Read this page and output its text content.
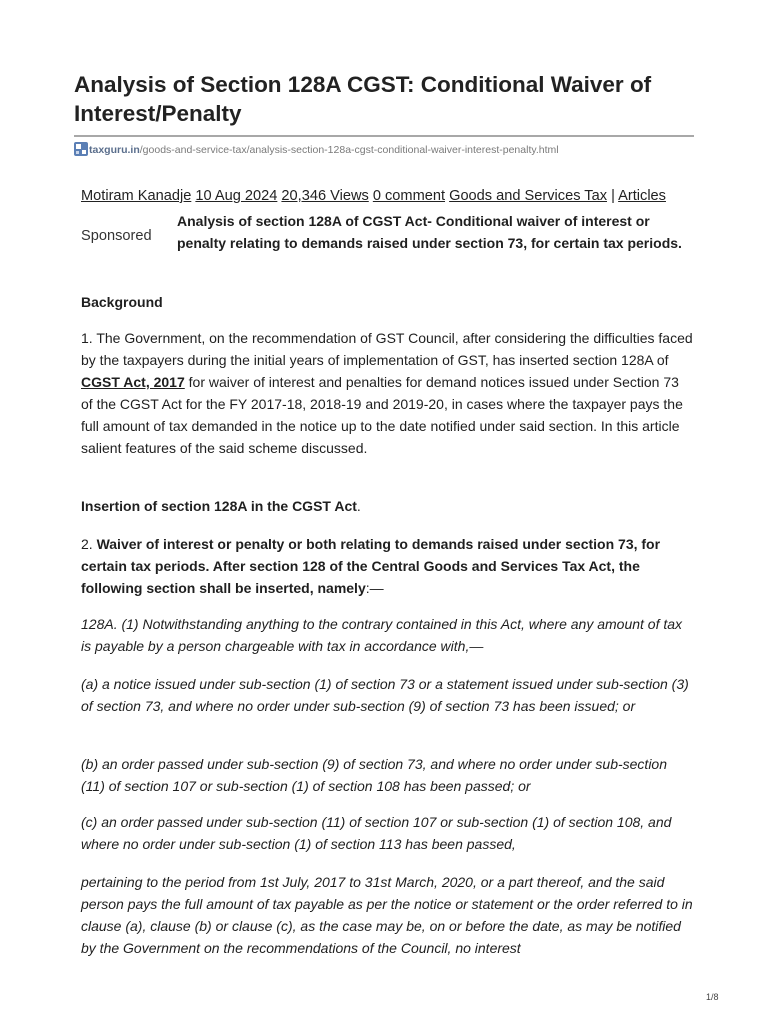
Analysis of Section 128A CGST: Conditional Waiver of Interest/Penalty
taxguru.in/goods-and-service-tax/analysis-section-128a-cgst-conditional-waiver-interest-penalty.html
Motiram Kanadje 10 Aug 2024 20,346 Views 0 comment Goods and Services Tax | Articles
Sponsored
Analysis of section 128A of CGST Act- Conditional waiver of interest or penalty relating to demands raised under section 73, for certain tax periods.

Background

1. The Government, on the recommendation of GST Council, after considering the difficulties faced by the taxpayers during the initial years of implementation of GST, has inserted section 128A of CGST Act, 2017 for waiver of interest and penalties for demand notices issued under Section 73 of the CGST Act for the FY 2017-18, 2018-19 and 2019-20, in cases where the taxpayer pays the full amount of tax demanded in the notice up to the date notified under said section. In this article salient features of the said scheme discussed.

Insertion of section 128A in the CGST Act.

2. Waiver of interest or penalty or both relating to demands raised under section 73, for certain tax periods. After section 128 of the Central Goods and Services Tax Act, the following section shall be inserted, namely:—

128A. (1) Notwithstanding anything to the contrary contained in this Act, where any amount of tax is payable by a person chargeable with tax in accordance with,—

(a) a notice issued under sub-section (1) of section 73 or a statement issued under sub-section (3) of section 73, and where no order under sub-section (9) of section 73 has been issued; or

(b) an order passed under sub-section (9) of section 73, and where no order under sub-section (11) of section 107 or sub-section (1) of section 108 has been passed; or

(c) an order passed under sub-section (11) of section 107 or sub-section (1) of section 108, and where no order under sub-section (1) of section 113 has been passed,

pertaining to the period from 1st July, 2017 to 31st March, 2020, or a part thereof, and the said person pays the full amount of tax payable as per the notice or statement or the order referred to in clause (a), clause (b) or clause (c), as the case may be, on or before the date, as may be notified by the Government on the recommendations of the Council, no interest

1/8
